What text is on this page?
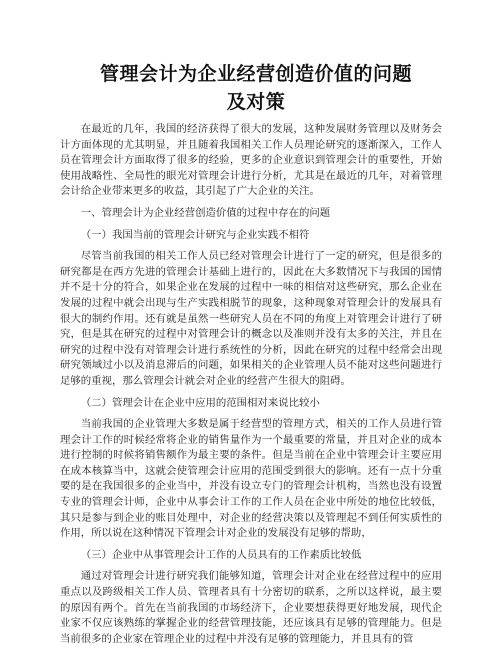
管理会计为企业经营创造价值的问题
及对策

在最近的几年，我国的经济获得了很大的发展，这种发展财务管理以及财务会计方面体现的尤其明显，并且随着我国相关工作人员理论研究的逐渐深入，工作人员在管理会计方面取得了很多的经验，更多的企业意识到管理会计的重要性，开始使用战略性、全局性的眼光对管理会计进行分析，尤其是在最近的几年，对着管理会计给企业带来更多的收益，其引起了广大企业的关注。

一、管理会计为企业经营创造价值的过程中存在的问题

（一）我国当前的管理会计研究与企业实践不相符

尽管当前我国的相关工作人员已经对管理会计进行了一定的研究，但是很多的研究都是在西方先进的管理会计基础上进行的，因此在大多数情况下与我国的国情并不是十分的符合，如果企业在发展的过程中一味的相信对这些研究，那么企业在发展的过程中就会出现与生产实践相脱节的现象，这种现象对管理会计的发展具有很大的制约作用。还有就是虽然一些研究人员在不同的角度上对管理会计进行了研究，但是其在研究的过程中对管理会计的概念以及准则并没有太多的关注，并且在研究的过程中没有对管理会计进行系统性的分析，因此在研究的过程中经常会出现研究领域过小以及消息滞后的问题，如果相关的企业管理人员不能对这些问题进行足够的重视，那么管理会计就会对企业的经营产生很大的阻碍。

（二）管理会计在企业中应用的范围相对来说比较小

当前我国的企业管理大多数是属于经营型的管理方式，相关的工作人员进行管理会计工作的时候经常将企业的销售量作为一个最重要的常量，并且对企业的成本进行控制的时候将销售额作为最主要的条件。但是当前在企业中管理会计主要应用在成本核算当中，这就会使管理会计应用的范围受到很大的影响。还有一点十分重要的是在我国很多的企业当中，并没有设立专门的管理会计机构，当然也没有设置专业的管理会计师，企业中从事会计工作的工作人员在企业中所处的地位比较低，其只是参与到企业的账目处理中，对企业的经营决策以及管理起不到任何实质性的作用，所以说在这种情况下管理会计对企业的发展没有足够的帮助，

（三）企业中从事管理会计工作的人员具有的工作素质比较低

通过对管理会计进行研究我们能够知道，管理会计对企业在经营过程中的应用重点以及跨级相关工作人员、管理者具有十分密切的联系，之所以这样说，最主要的原因有两个。首先在当前我国的市场经济下，企业要想获得更好地发展，现代企业家不仅应该熟练的掌握企业的经营管理技能，还应该具有足够的管理能力。但是当前很多的企业家在管理企业的过程中并没有足够的管理能力，并且具有的管
